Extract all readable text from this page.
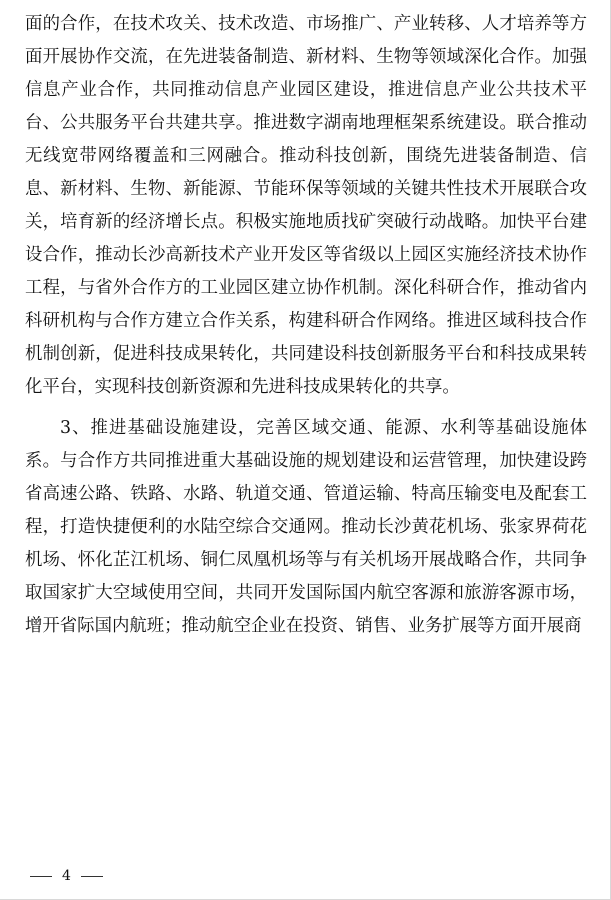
面的合作，在技术攻关、技术改造、市场推广、产业转移、人才培养等方面开展协作交流，在先进装备制造、新材料、生物等领域深化合作。加强信息产业合作，共同推动信息产业园区建设，推进信息产业公共技术平台、公共服务平台共建共享。推进数字湖南地理框架系统建设。联合推动无线宽带网络覆盖和三网融合。推动科技创新，围绕先进装备制造、信息、新材料、生物、新能源、节能环保等领域的关键共性技术开展联合攻关，培育新的经济增长点。积极实施地质找矿突破行动战略。加快平台建设合作，推动长沙高新技术产业开发区等省级以上园区实施经济技术协作工程，与省外合作方的工业园区建立协作机制。深化科研合作，推动省内科研机构与合作方建立合作关系，构建科研合作网络。推进区域科技合作机制创新，促进科技成果转化，共同建设科技创新服务平台和科技成果转化平台，实现科技创新资源和先进科技成果转化的共享。

3、推进基础设施建设，完善区域交通、能源、水利等基础设施体系。与合作方共同推进重大基础设施的规划建设和运营管理，加快建设跨省高速公路、铁路、水路、轨道交通、管道运输、特高压输变电及配套工程，打造快捷便利的水陆空综合交通网。推动长沙黄花机场、张家界荷花机场、怀化芷江机场、铜仁凤凰机场等与有关机场开展战略合作，共同争取国家扩大空域使用空间，共同开发国际国内航空客源和旅游客源市场，增开省际国内航班；推动航空企业在投资、销售、业务扩展等方面开展商

4
